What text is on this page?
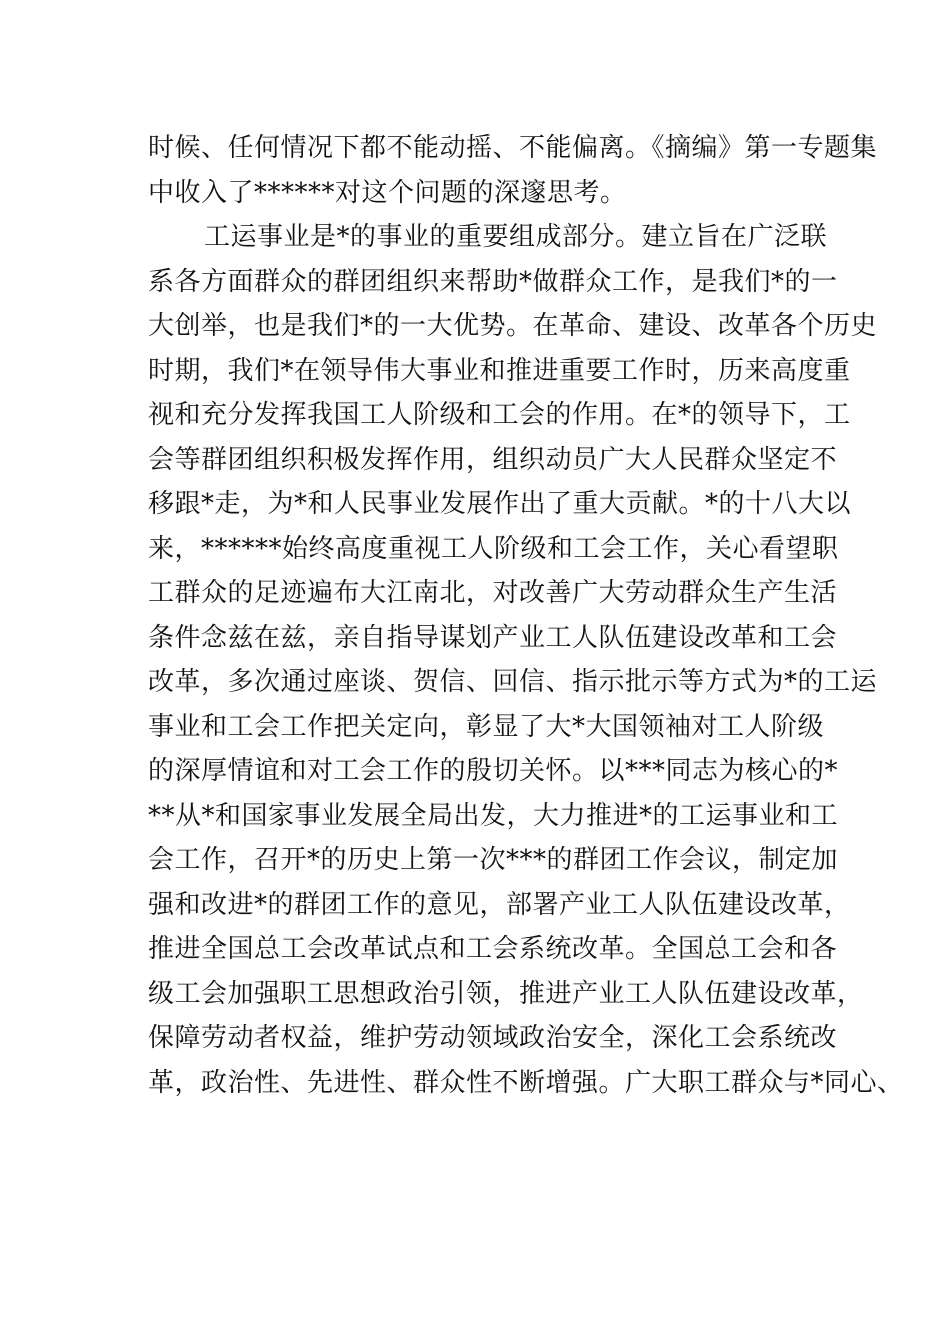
时候、任何情况下都不能动摇、不能偏离。《摘编》第一专题集
中收入了******对这个问题的深邃思考。
工运事业是*的事业的重要组成部分。建立旨在广泛联
系各方面群众的群团组织来帮助*做群众工作，是我们*的一
大创举，也是我们*的一大优势。在革命、建设、改革各个历史
时期，我们*在领导伟大事业和推进重要工作时，历来高度重
视和充分发挥我国工人阶级和工会的作用。在*的领导下，工
会等群团组织积极发挥作用，组织动员广大人民群众坚定不
移跟*走，为*和人民事业发展作出了重大贡献。*的十八大以
来，******始终高度重视工人阶级和工会工作，关心看望职
工群众的足迹遍布大江南北，对改善广大劳动群众生产生活
条件念兹在兹，亲自指导谋划产业工人队伍建设改革和工会
改革，多次通过座谈、贺信、回信、指示批示等方式为*的工运
事业和工会工作把关定向，彰显了大*大国领袖对工人阶级
的深厚情谊和对工会工作的殷切关怀。以***同志为核心的*
**从*和国家事业发展全局出发，大力推进*的工运事业和工
会工作，召开*的历史上第一次***的群团工作会议，制定加
强和改进*的群团工作的意见，部署产业工人队伍建设改革，
推进全国总工会改革试点和工会系统改革。全国总工会和各
级工会加强职工思想政治引领，推进产业工人队伍建设改革，
保障劳动者权益，维护劳动领域政治安全，深化工会系统改
革，政治性、先进性、群众性不断增强。广大职工群众与*同心、
